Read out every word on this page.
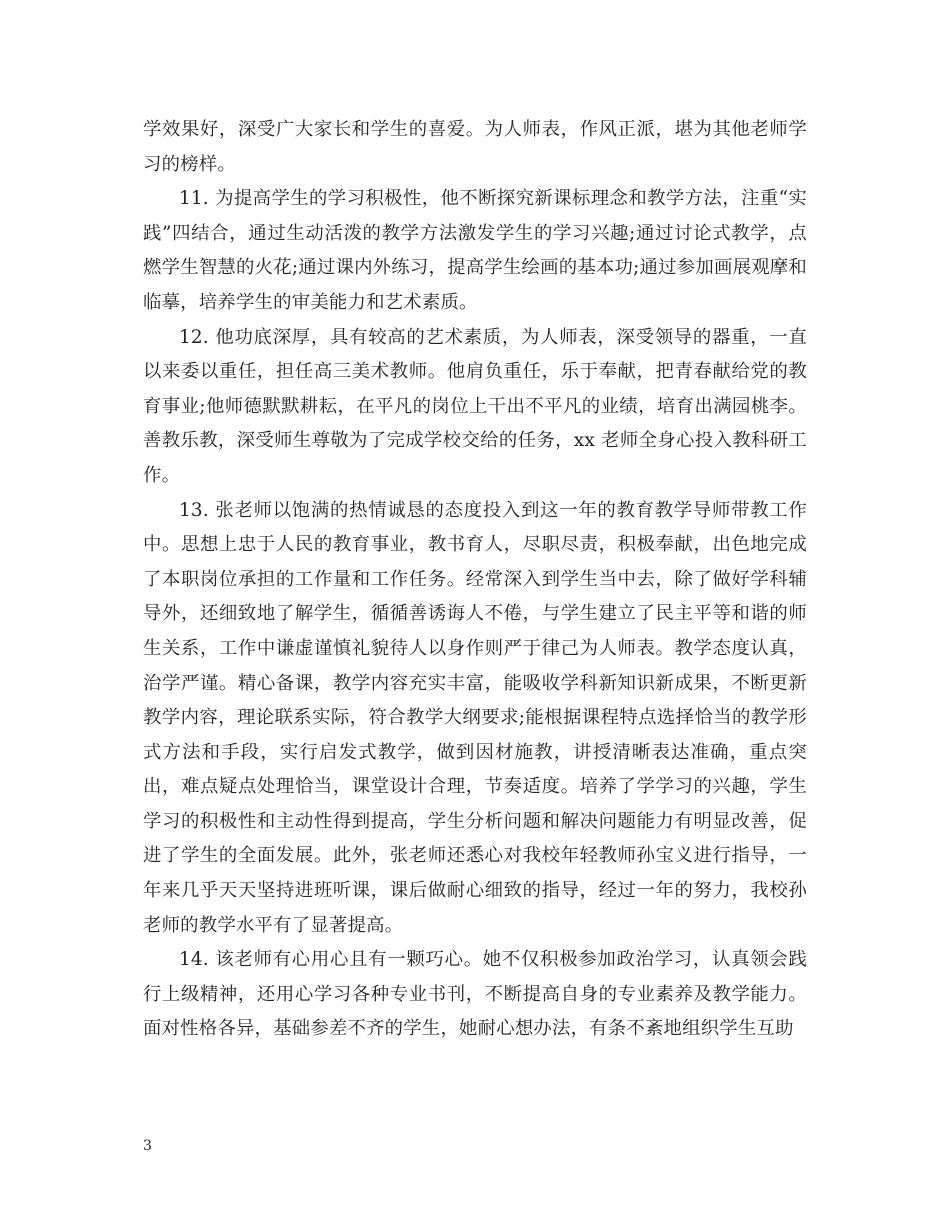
学效果好，深受广大家长和学生的喜爱。为人师表，作风正派，堪为其他老师学习的榜样。

11. 为提高学生的学习积极性，他不断探究新课标理念和教学方法，注重“实践”四结合，通过生动活泼的教学方法激发学生的学习兴趣;通过讨论式教学，点燃学生智慧的火花;通过课内外练习，提高学生绘画的基本功;通过参加画展观摩和临摹，培养学生的审美能力和艺术素质。

12. 他功底深厚，具有较高的艺术素质，为人师表，深受领导的器重，一直以来委以重任，担任高三美术教师。他肩负重任，乐于奉献，把青春献给党的教育事业;他师德默默耕耘，在平凡的岗位上干出不平凡的业绩，培育出满园桃李。善教乐教，深受师生尊敬为了完成学校交给的任务，xx 老师全身心投入教科研工作。

13. 张老师以饱满的热情诚恳的态度投入到这一年的教育教学导师带教工作中。思想上忠于人民的教育事业，教书育人，尽职尽责，积极奉献，出色地完成了本职岗位承担的工作量和工作任务。经常深入到学生当中去，除了做好学科辅导外，还细致地了解学生，循循善诱诲人不倦，与学生建立了民主平等和谐的师生关系，工作中谦虚谨慎礼貌待人以身作则严于律己为人师表。教学态度认真，治学严谨。精心备课，教学内容充实丰富，能吸收学科新知识新成果，不断更新教学内容，理论联系实际，符合教学大纲要求;能根据课程特点选择恰当的教学形式方法和手段，实行启发式教学，做到因材施教，讲授清晰表达准确，重点突出，难点疑点处理恰当，课堂设计合理，节奏适度。培养了学学习的兴趣，学生学习的积极性和主动性得到提高，学生分析问题和解决问题能力有明显改善，促进了学生的全面发展。此外，张老师还悉心对我校年轻教师孙宝义进行指导，一年来几乎天天坚持进班听课，课后做耐心细致的指导，经过一年的努力，我校孙老师的教学水平有了显著提高。

14. 该老师有心用心且有一颗巧心。她不仅积极参加政治学习，认真领会践行上级精神，还用心学习各种专业书刊，不断提高自身的专业素养及教学能力。面对性格各异，基础参差不齐的学生，她耐心想办法，有条不紊地组织学生互助

3
